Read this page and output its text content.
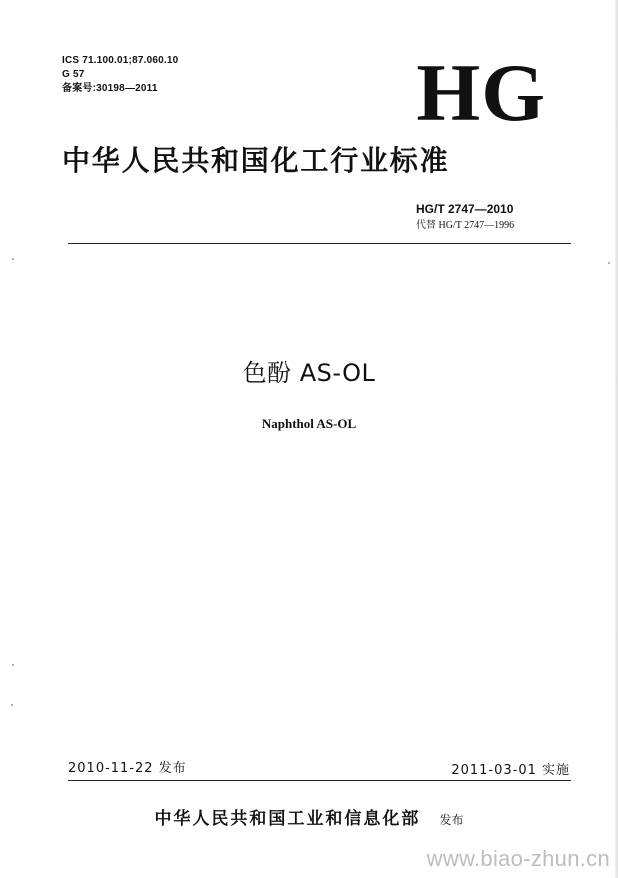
ICS 71.100.01;87.060.10
G 57
备案号:30198—2011	HG
中华人民共和国化工行业标准
HG/T 2747—2010
代替 HG/T 2747—1996
色酚 AS-OL
Naphthol AS-OL
2010-11-22 发布	2011-03-01 实施
中华人民共和国工业和信息化部 发布
www.biao-zhun.cn
